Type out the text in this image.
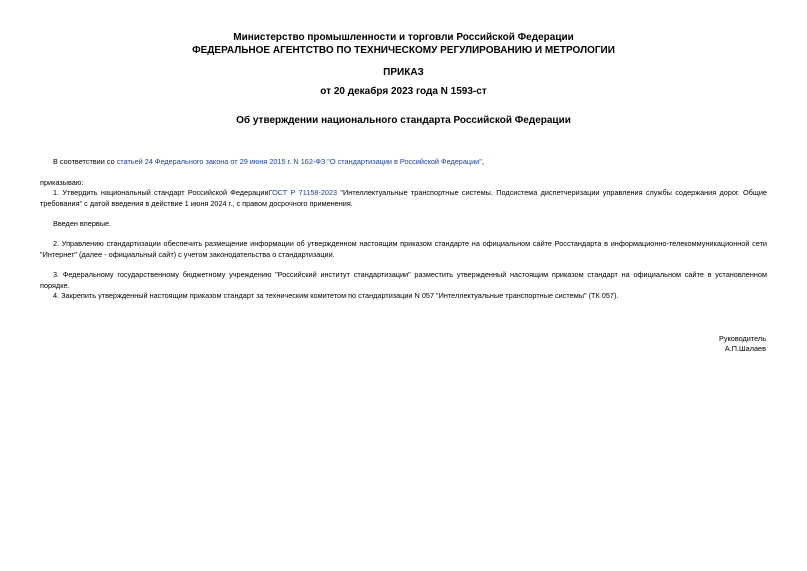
Министерство промышленности и торговли Российской Федерации
ФЕДЕРАЛЬНОЕ АГЕНТСТВО ПО ТЕХНИЧЕСКОМУ РЕГУЛИРОВАНИЮ И МЕТРОЛОГИИ
ПРИКАЗ
от 20 декабря 2023 года N 1593-ст
Об утверждении национального стандарта Российской Федерации
В соответствии со статьей 24 Федерального закона от 29 июня 2015 г. N 162-ФЗ "О стандартизации в Российской Федерации",
приказываю:
1. Утвердить национальный стандарт Российской ФедерацииГОСТ Р 71158-2023 "Интеллектуальные транспортные системы. Подсистема диспетчеризации управления службы содержания дорог. Общие требования" с датой введения в действие 1 июня 2024 г., с правом досрочного применения.
Введен впервые.
2. Управлению стандартизации обеспечить размещение информации об утвержденном настоящим приказом стандарте на официальном сайте Росстандарта в информационно-телекоммуникационной сети "Интернет" (далее - официальный сайт) с учетом законодательства о стандартизации.
3. Федеральному государственному бюджетному учреждению "Российский институт стандартизации" разместить утвержденный настоящим приказом стандарт на официальном сайте в установленном порядке.
4. Закрепить утвержденный настоящим приказом стандарт за техническим комитетом по стандартизации N 057 "Интеллектуальные транспортные системы" (ТК 057).
Руководитель
А.П.Шалаев
